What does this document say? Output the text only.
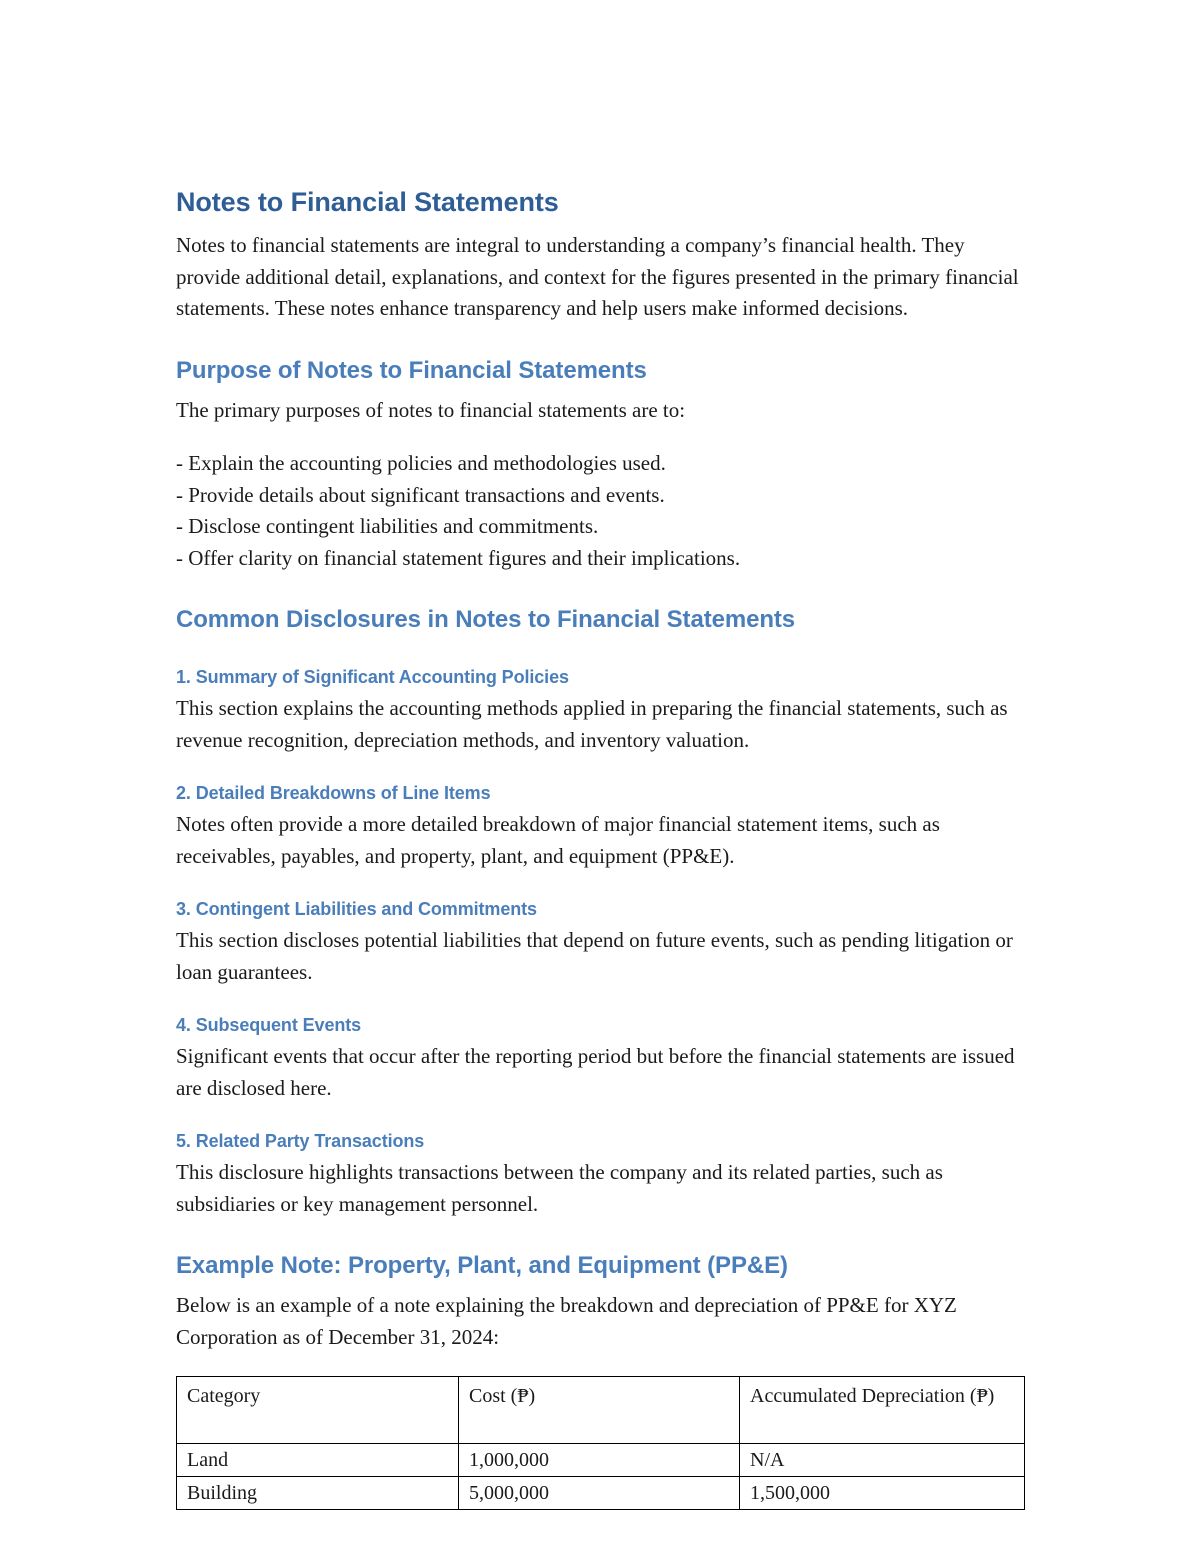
Notes to Financial Statements

Notes to financial statements are integral to understanding a company’s financial health. They provide additional detail, explanations, and context for the figures presented in the primary financial statements. These notes enhance transparency and help users make informed decisions.

Purpose of Notes to Financial Statements

The primary purposes of notes to financial statements are to:

- Explain the accounting policies and methodologies used.
- Provide details about significant transactions and events.
- Disclose contingent liabilities and commitments.
- Offer clarity on financial statement figures and their implications.
Common Disclosures in Notes to Financial Statements
1. Summary of Significant Accounting Policies

This section explains the accounting methods applied in preparing the financial statements, such as revenue recognition, depreciation methods, and inventory valuation.

2. Detailed Breakdowns of Line Items

Notes often provide a more detailed breakdown of major financial statement items, such as receivables, payables, and property, plant, and equipment (PP&E).

3. Contingent Liabilities and Commitments

This section discloses potential liabilities that depend on future events, such as pending litigation or loan guarantees.

4. Subsequent Events

Significant events that occur after the reporting period but before the financial statements are issued are disclosed here.

5. Related Party Transactions

This disclosure highlights transactions between the company and its related parties, such as subsidiaries or key management personnel.

Example Note: Property, Plant, and Equipment (PP&E)

Below is an example of a note explaining the breakdown and depreciation of PP&E for XYZ Corporation as of December 31, 2024:

Category	Cost (₱)	Accumulated Depreciation (₱)
Land	1,000,000	N/A
Building	5,000,000	1,500,000
